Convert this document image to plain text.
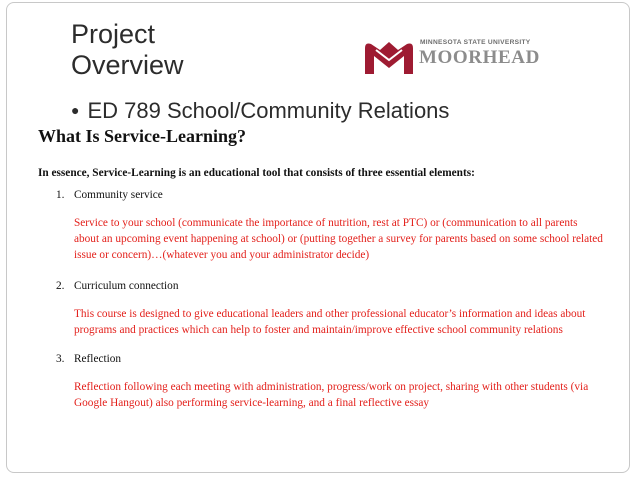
Project
Overview
MINNESOTA STATE UNIVERSITY
MOORHEAD
● ED 789 School/Community Relations
What Is Service-Learning?

In essence, Service-Learning is an educational tool that consists of three essential elements:

1. Community service
Service to your school (communicate the importance of nutrition, rest at PTC) or (communication to all parents about an upcoming event happening at school) or (putting together a survey for parents based on some school related issue or concern)…(whatever you and your administrator decide)
2. Curriculum connection
This course is designed to give educational leaders and other professional educator’s information and ideas about programs and practices which can help to foster and maintain/improve effective school community relations
3. Reflection
Reflection following each meeting with administration, progress/work on project, sharing with other students (via Google Hangout) also performing service-learning, and a final reflective essay
